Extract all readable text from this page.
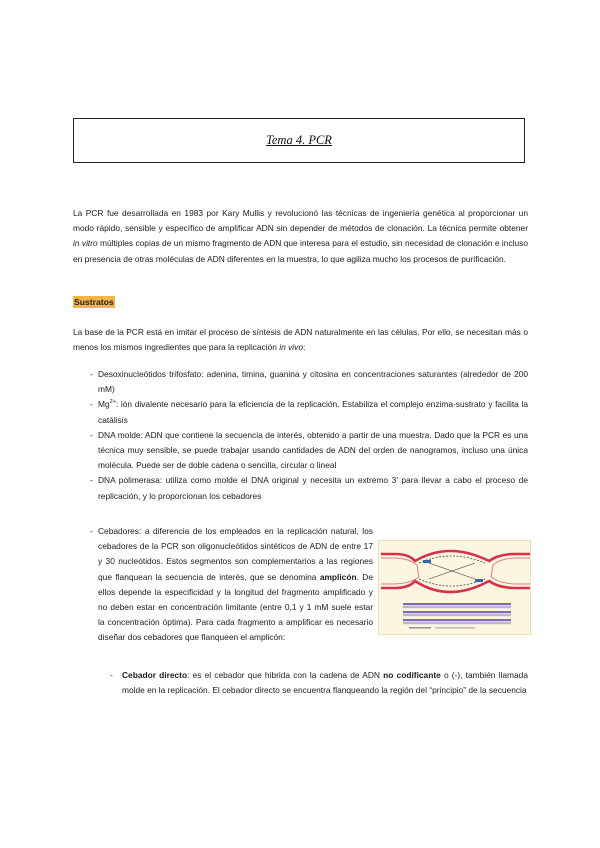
Tema 4. PCR

La PCR fue desarrollada en 1983 por Kary Mullis y revolucionó las técnicas de ingeniería genética al proporcionar un modo rápido, sensible y específico de amplificar ADN sin depender de métodos de clonación. La técnica permite obtener in vitro múltiples copias de un mismo fragmento de ADN que interesa para el estudio, sin necesidad de clonación e incluso en presencia de otras moléculas de ADN diferentes en la muestra, lo que agiliza mucho los procesos de purificación.

Sustratos

La base de la PCR está en imitar el proceso de síntesis de ADN naturalmente en las células. Por ello, se necesitan más o menos los mismos ingredientes que para la replicación in vivo:

- Desoxinucleótidos trifosfato: adenina, timina, guanina y citosina en concentraciones saturantes (alrededor de 200 mM)
- $Mg^{2+}$: ión divalente necesario para la eficiencia de la replicación. Estabiliza el complejo enzima-sustrato y facilita la catálisis
- DNA molde: ADN que contiene la secuencia de interés, obtenido a partir de una muestra. Dado que la PCR es una técnica muy sensible, se puede trabajar usando cantidades de ADN del orden de nanogramos, incluso una única molécula. Puede ser de doble cadena o sencilla, circular o lineal
- DNA polimerasa: utiliza como molde el DNA original y necesita un extremo 3’ para llevar a cabo el proceso de replicación, y lo proporcionan los cebadores
- Cebadores: a diferencia de los empleados en la replicación natural, los cebadores de la PCR son oligonucleótidos sintéticos de ADN de entre 17 y 30 nucleótidos. Estos segmentos son complementarios a las regiones que flanquean la secuencia de interés, que se denomina amplicón. De ellos depende la especificidad y la longitud del fragmento amplificado y no deben estar en concentración limitante (entre 0,1 y 1 mM suele estar la concentración óptima). Para cada fragmento a amplificar es necesario diseñar dos cebadores que flanqueen el amplicón:
- Cebador directo: es el cebador que hibrida con la cadena de ADN no codificante o (-), también llamada molde en la replicación. El cebador directo se encuentra flanqueando la región del “principio” de la secuencia
